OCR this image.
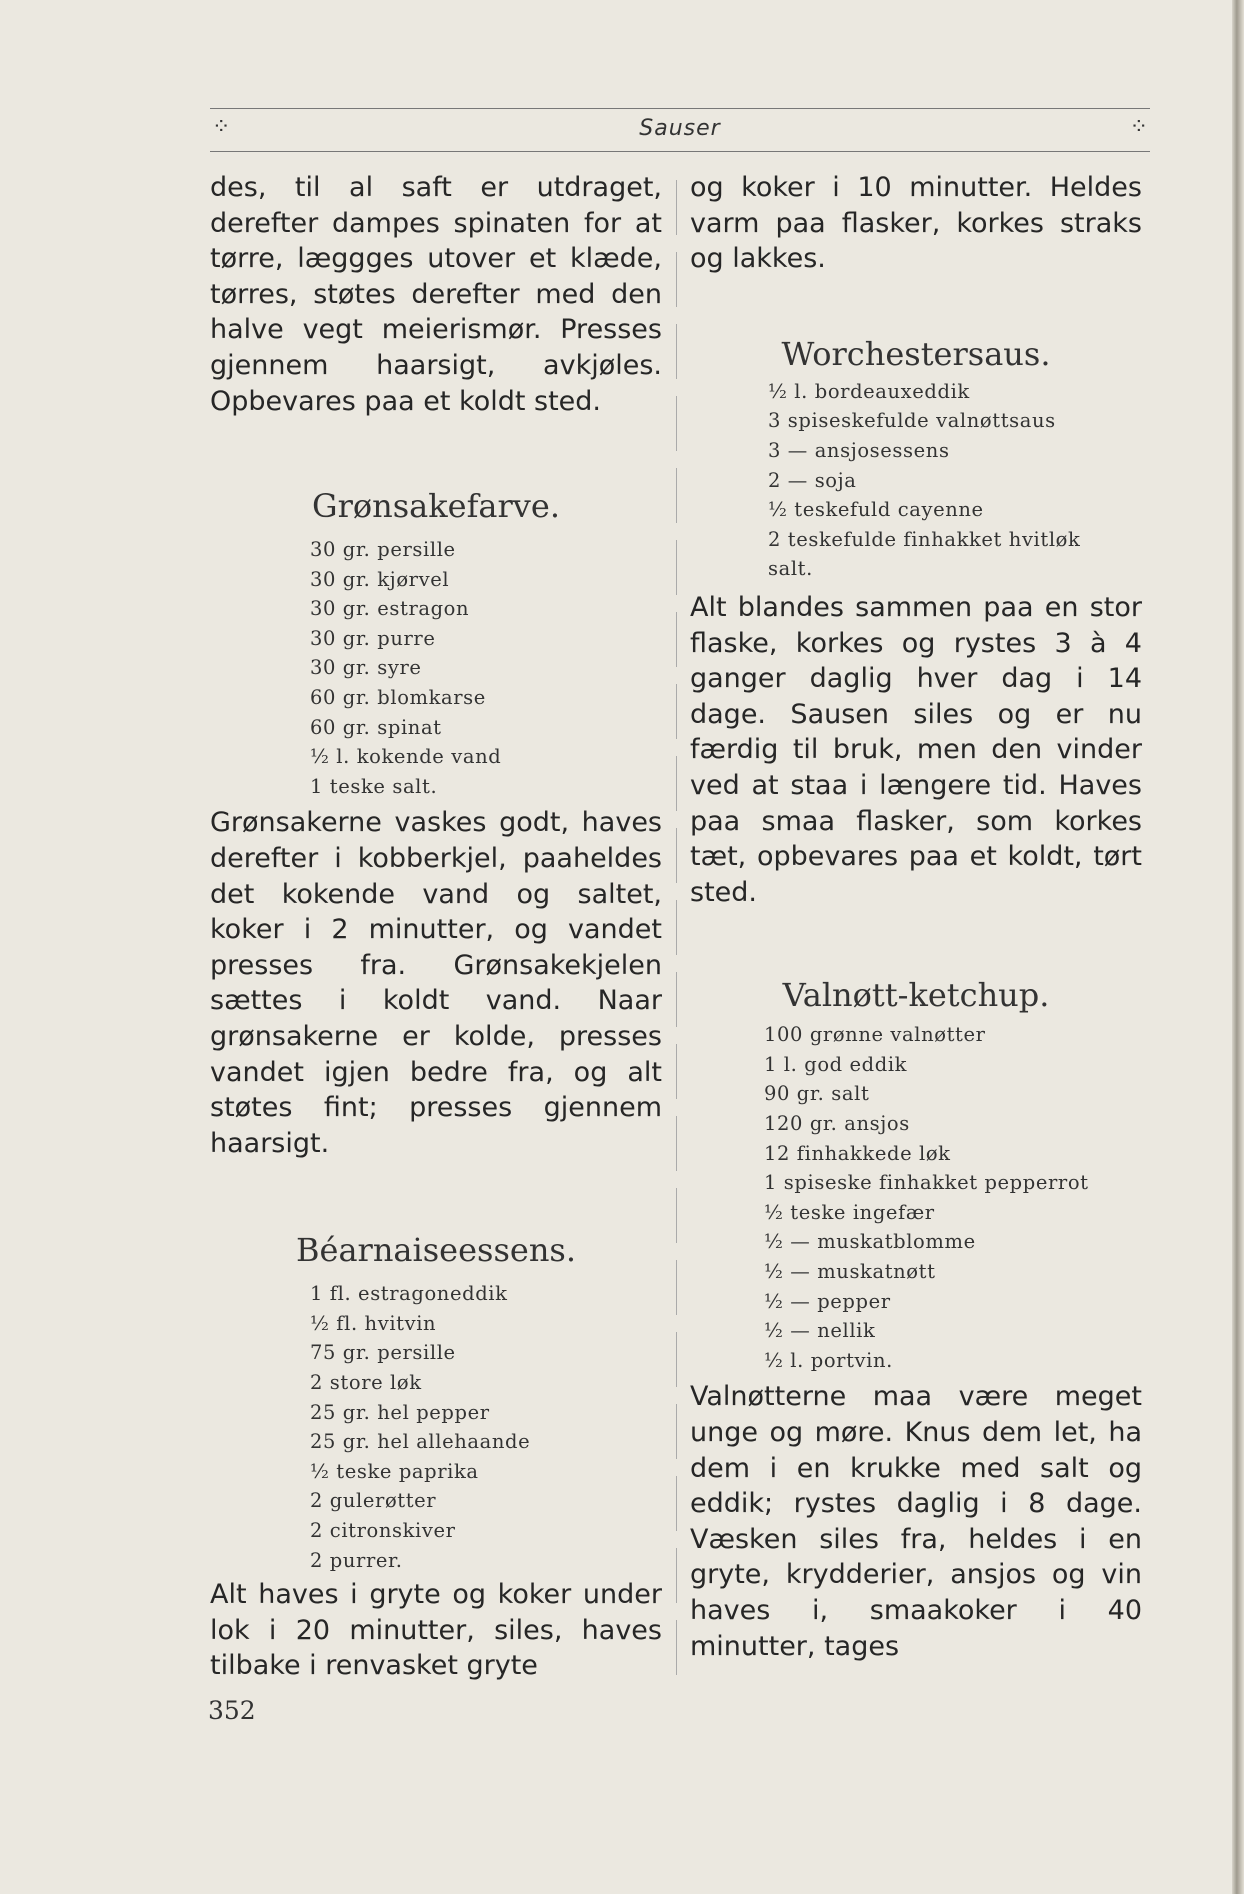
⁘	Sauser	⁘

des, til al saft er utdraget, derefter dampes spinaten for at tørre, læggges utover et klæde, tørres, støtes derefter med den halve vegt meierismør. Presses gjennem haarsigt, avkjøles. Opbevares paa et koldt sted.

Grønsakefarve.
30 gr. persille
30 gr. kjørvel
30 gr. estragon
30 gr. purre
30 gr. syre
60 gr. blomkarse
60 gr. spinat
½ l. kokende vand
1 teske salt.

Grønsakerne vaskes godt, haves derefter i kobberkjel, paaheldes det kokende vand og saltet, koker i 2 minutter, og vandet presses fra. Grønsakekjelen sættes i koldt vand. Naar grønsakerne er kolde, presses vandet igjen bedre fra, og alt støtes fint; presses gjennem haarsigt.

Béarnaiseessens.
1 fl. estragoneddik
½ fl. hvitvin
75 gr. persille
2 store løk
25 gr. hel pepper
25 gr. hel allehaande
½ teske paprika
2 gulerøtter
2 citronskiver
2 purrer.

Alt haves i gryte og koker under lok i 20 minutter, siles, haves tilbake i renvasket gryte

og koker i 10 minutter. Heldes varm paa flasker, korkes straks og lakkes.

Worchestersaus.
½ l. bordeauxeddik
3 spiseskefulde valnøttsaus
3 — ansjosessens
2 — soja
½ teskefuld cayenne
2 teskefulde finhakket hvitløk
salt.

Alt blandes sammen paa en stor flaske, korkes og rystes 3 à 4 ganger daglig hver dag i 14 dage. Sausen siles og er nu færdig til bruk, men den vinder ved at staa i længere tid. Haves paa smaa flasker, som korkes tæt, opbevares paa et koldt, tørt sted.

Valnøtt-ketchup.
100 grønne valnøtter
1 l. god eddik
90 gr. salt
120 gr. ansjos
12 finhakkede løk
1 spiseske finhakket pepperrot
½ teske ingefær
½ — muskatblomme
½ — muskatnøtt
½ — pepper
½ — nellik
½ l. portvin.

Valnøtterne maa være meget unge og møre. Knus dem let, ha dem i en krukke med salt og eddik; rystes daglig i 8 dage. Væsken siles fra, heldes i en gryte, krydderier, ansjos og vin haves i, smaakoker i 40 minutter, tages

352
